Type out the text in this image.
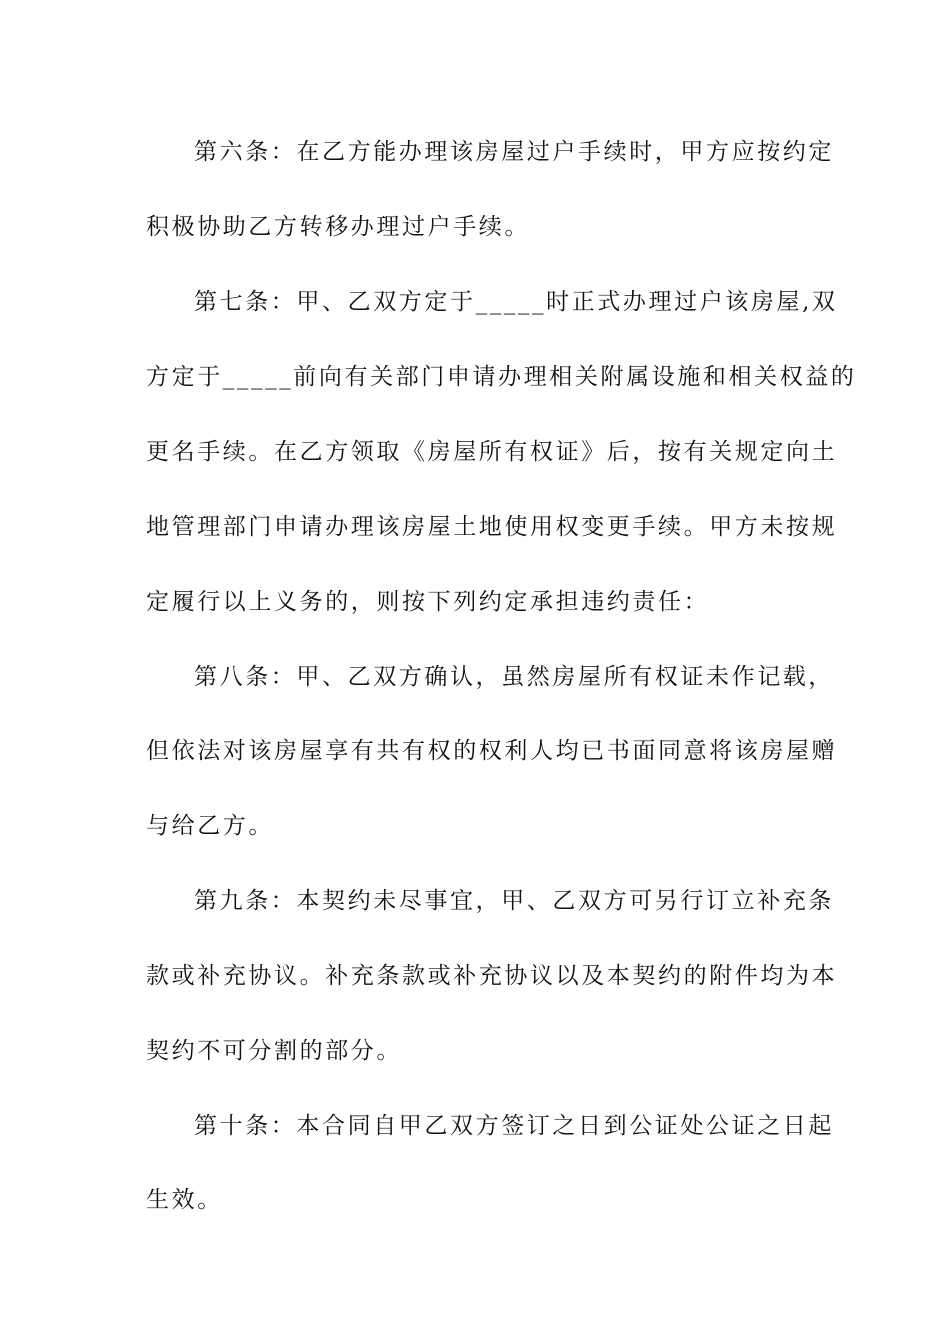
第六条：在乙方能办理该房屋过户手续时，甲方应按约定
积极协助乙方转移办理过户手续。
第七条：甲、乙双方定于_____时正式办理过户该房屋,双
方定于_____前向有关部门申请办理相关附属设施和相关权益的
更名手续。在乙方领取《房屋所有权证》后，按有关规定向土
地管理部门申请办理该房屋土地使用权变更手续。甲方未按规
定履行以上义务的，则按下列约定承担违约责任：
第八条：甲、乙双方确认，虽然房屋所有权证未作记载，
但依法对该房屋享有共有权的权利人均已书面同意将该房屋赠
与给乙方。
第九条：本契约未尽事宜，甲、乙双方可另行订立补充条
款或补充协议。补充条款或补充协议以及本契约的附件均为本
契约不可分割的部分。
第十条：本合同自甲乙双方签订之日到公证处公证之日起
生效。
